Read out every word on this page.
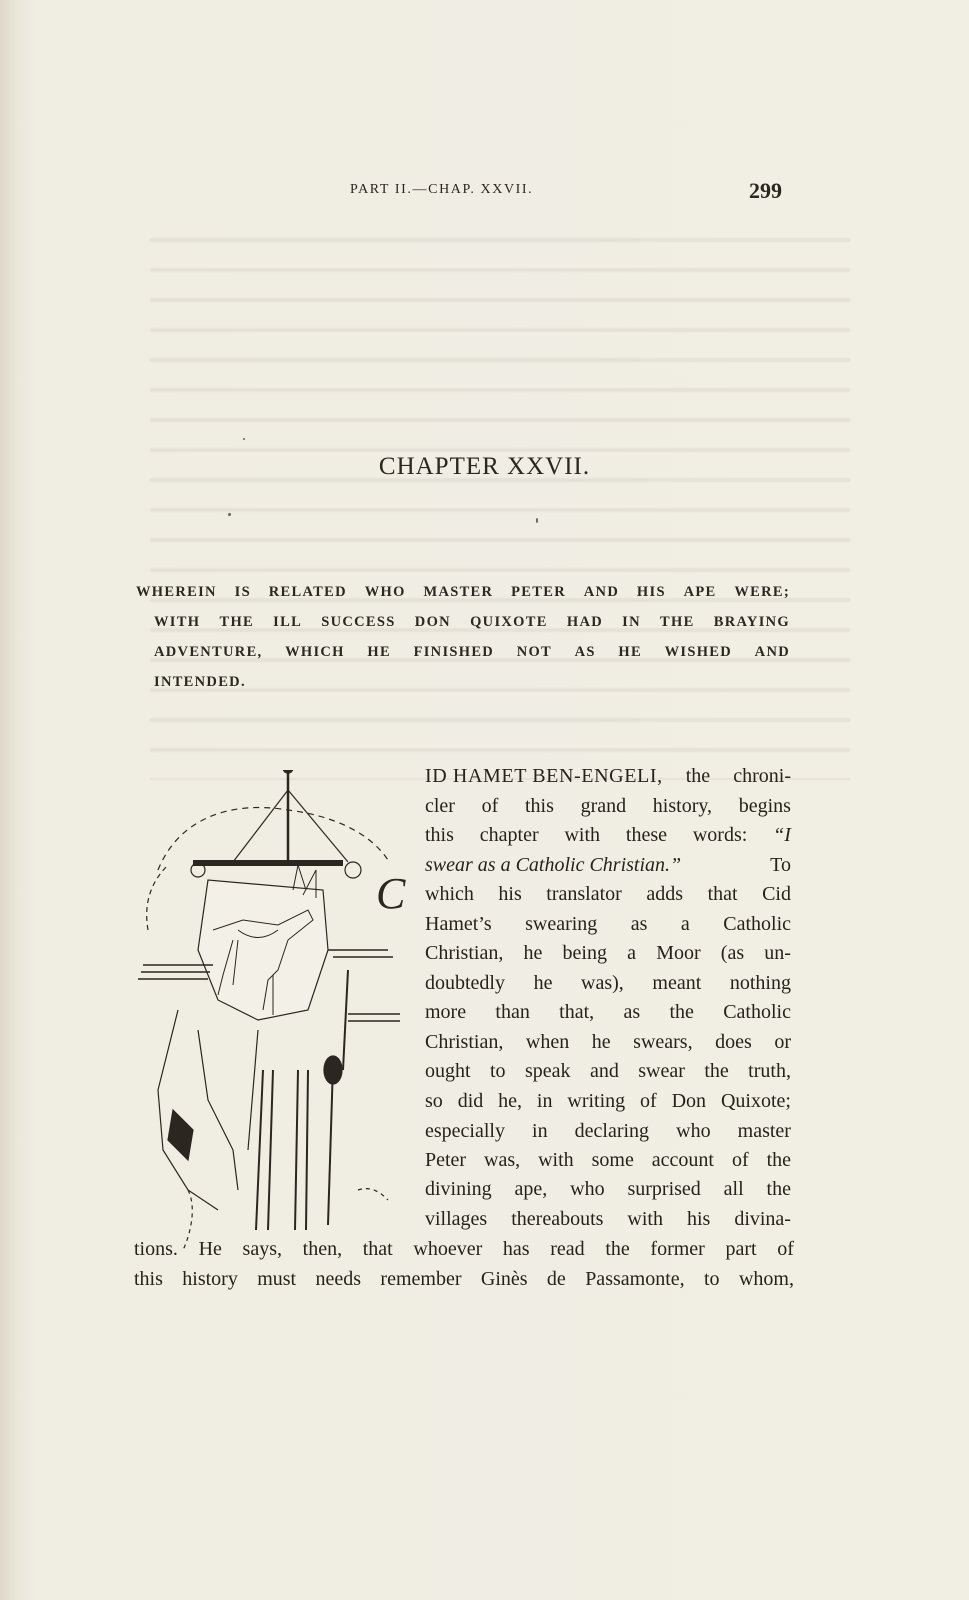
PART II.—CHAP. XXVII.	299
CHAPTER XXVII.
WHEREIN IS RELATED WHO MASTER PETER AND HIS APE WERE;
WITH THE ILL SUCCESS DON QUIXOTE HAD IN THE BRAYING
ADVENTURE, WHICH HE FINISHED NOT AS HE WISHED AND
INTENDED.
C
ID HAMET BEN-ENGELI, the chroni-
cler of this grand history, begins
this chapter with these words: “I
swear as a Catholic Christian.”	To
which his translator adds that Cid
Hamet’s swearing as a Catholic
Christian, he being a Moor (as un-
doubtedly he was), meant nothing
more than that, as the Catholic
Christian, when he swears, does or
ought to speak and swear the truth,
so did he, in writing of Don Quixote;
especially in declaring who master
Peter was, with some account of the
divining ape, who surprised all the
villages thereabouts with his divina-
tions. He says, then, that whoever has read the former part of
this history must needs remember Ginès de Passamonte, to whom,
